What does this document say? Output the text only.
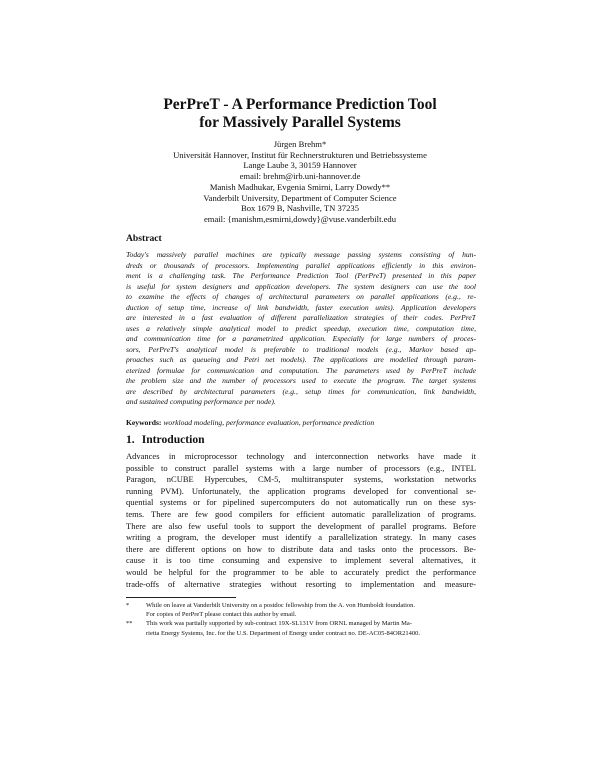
PerPreT - A Performance Prediction Tool
for Massively Parallel Systems
Jürgen Brehm*
Universität Hannover, Institut für Rechnerstrukturen und Betriebssysteme
Lange Laube 3, 30159 Hannover
email: brehm@irb.uni-hannover.de
Manish Madhukar, Evgenia Smirni, Larry Dowdy**
Vanderbilt University, Department of Computer Science
Box 1679 B, Nashville, TN 37235
email: {manishm,esmirni,dowdy}@vuse.vanderbilt.edu
Abstract
Today's massively parallel machines are typically message passing systems consisting of hun-
dreds or thousands of processors. Implementing parallel applications efficiently in this environ-
ment is a challenging task. The Performance Prediction Tool (PerPreT) presented in this paper
is useful for system designers and application developers. The system designers can use the tool
to examine the effects of changes of architectural parameters on parallel applications (e.g., re-
duction of setup time, increase of link bandwidth, faster execution units). Application developers
are interested in a fast evaluation of different parallelization strategies of their codes. PerPreT
uses a relatively simple analytical model to predict speedup, execution time, computation time,
and communication time for a parametrized application. Especially for large numbers of proces-
sors, PerPreT's analytical model is preferable to traditional models (e.g., Markov based ap-
proaches such as queueing and Petri net models). The applications are modelled through param-
eterized formulae for communication and computation. The parameters used by PerPreT include
the problem size and the number of processors used to execute the program. The target systems
are described by architectural parameters (e.g., setup times for communication, link bandwidth,
and sustained computing performance per node).
Keywords: workload modeling, performance evaluation, performance prediction
1. Introduction
Advances in microprocessor technology and interconnection networks have made it
possible to construct parallel systems with a large number of processors (e.g., INTEL
Paragon, nCUBE Hypercubes, CM-5, multitransputer systems, workstation networks
running PVM). Unfortunately, the application programs developed for conventional se-
quential systems or for pipelined supercomputers do not automatically run on these sys-
tems. There are few good compilers for efficient automatic parallelization of programs.
There are also few useful tools to support the development of parallel programs. Before
writing a program, the developer must identify a parallelization strategy. In many cases
there are different options on how to distribute data and tasks onto the processors. Be-
cause it is too time consuming and expensive to implement several alternatives, it
would be helpful for the programmer to be able to accurately predict the performance
trade-offs of alternative strategies without resorting to implementation and measure-
*	While on leave at Vanderbilt University on a postdoc fellowship from the A. von Humboldt foundation.
For copies of PerPreT please contact this author by email.
** This work was partially supported by sub-contract 19X-SL131V from ORNL managed by Martin Ma-
rietta Energy Systems, Inc. for the U.S. Department of Energy under contract no. DE-AC05-84OR21400.
